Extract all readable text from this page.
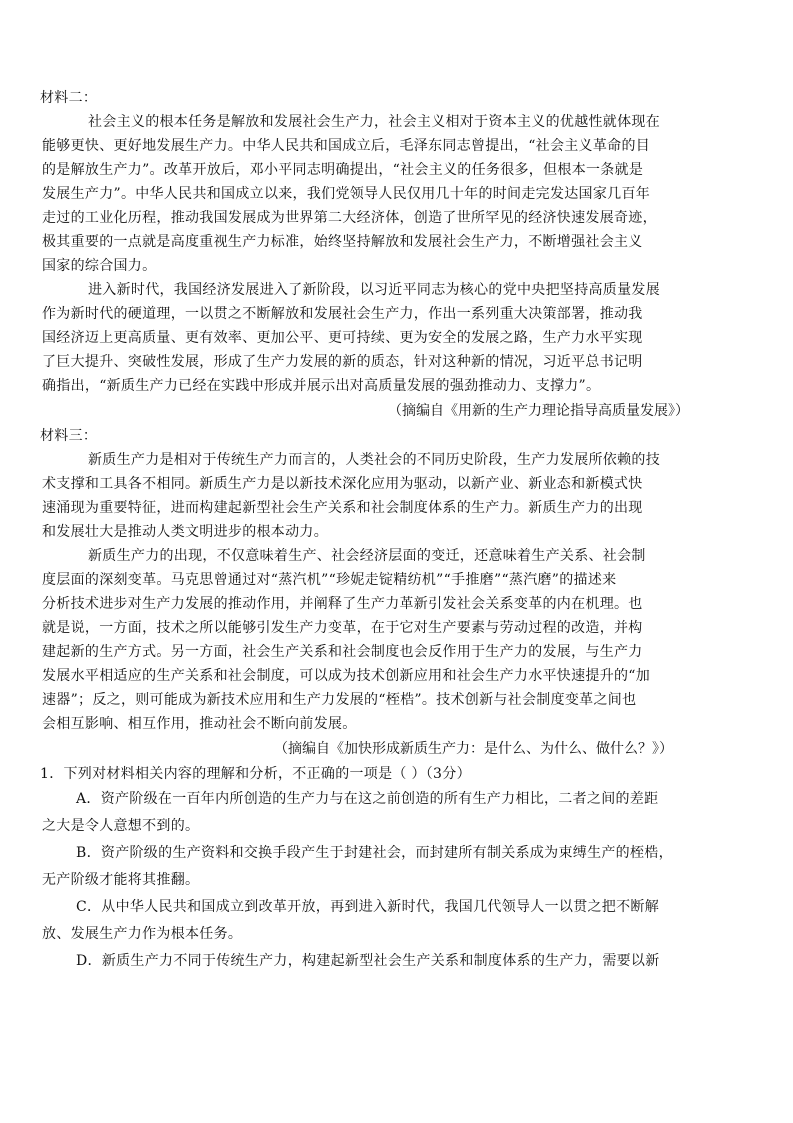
材料二：
社会主义的根本任务是解放和发展社会生产力，社会主义相对于资本主义的优越性就体现在
能够更快、更好地发展生产力。中华人民共和国成立后，毛泽东同志曾提出，“社会主义革命的目
的是解放生产力”。改革开放后，邓小平同志明确提出，“社会主义的任务很多，但根本一条就是
发展生产力”。中华人民共和国成立以来，我们党领导人民仅用几十年的时间走完发达国家几百年
走过的工业化历程，推动我国发展成为世界第二大经济体，创造了世所罕见的经济快速发展奇迹，
极其重要的一点就是高度重视生产力标准，始终坚持解放和发展社会生产力，不断增强社会主义
国家的综合国力。
进入新时代，我国经济发展进入了新阶段，以习近平同志为核心的党中央把坚持高质量发展
作为新时代的硬道理，一以贯之不断解放和发展社会生产力，作出一系列重大决策部署，推动我
国经济迈上更高质量、更有效率、更加公平、更可持续、更为安全的发展之路，生产力水平实现
了巨大提升、突破性发展，形成了生产力发展的新的质态，针对这种新的情况，习近平总书记明
确指出，“新质生产力已经在实践中形成并展示出对高质量发展的强劲推动力、支撑力”。
（摘编自《用新的生产力理论指导高质量发展》）
材料三：
新质生产力是相对于传统生产力而言的，人类社会的不同历史阶段，生产力发展所依赖的技
术支撑和工具各不相同。新质生产力是以新技术深化应用为驱动，以新产业、新业态和新模式快
速涌现为重要特征，进而构建起新型社会生产关系和社会制度体系的生产力。新质生产力的出现
和发展壮大是推动人类文明进步的根本动力。
新质生产力的出现，不仅意味着生产、社会经济层面的变迁，还意味着生产关系、社会制
度层面的深刻变革。马克思曾通过对“蒸汽机”“珍妮走锭精纺机”“手推磨”“蒸汽磨”的描述来
分析技术进步对生产力发展的推动作用，并阐释了生产力革新引发社会关系变革的内在机理。也
就是说，一方面，技术之所以能够引发生产力变革，在于它对生产要素与劳动过程的改造，并构
建起新的生产方式。另一方面，社会生产关系和社会制度也会反作用于生产力的发展，与生产力
发展水平相适应的生产关系和社会制度，可以成为技术创新应用和社会生产力水平快速提升的“加
速器”；反之，则可能成为新技术应用和生产力发展的“桎梏”。技术创新与社会制度变革之间也
会相互影响、相互作用，推动社会不断向前发展。
（摘编自《加快形成新质生产力：是什么、为什么、做什么？》）
1．下列对材料相关内容的理解和分析，不正确的一项是（ ）（3分）
A．资产阶级在一百年内所创造的生产力与在这之前创造的所有生产力相比，二者之间的差距
之大是令人意想不到的。
B．资产阶级的生产资料和交换手段产生于封建社会，而封建所有制关系成为束缚生产的桎梏，
无产阶级才能将其推翻。
C．从中华人民共和国成立到改革开放，再到进入新时代，我国几代领导人一以贯之把不断解
放、发展生产力作为根本任务。
D．新质生产力不同于传统生产力，构建起新型社会生产关系和制度体系的生产力，需要以新
